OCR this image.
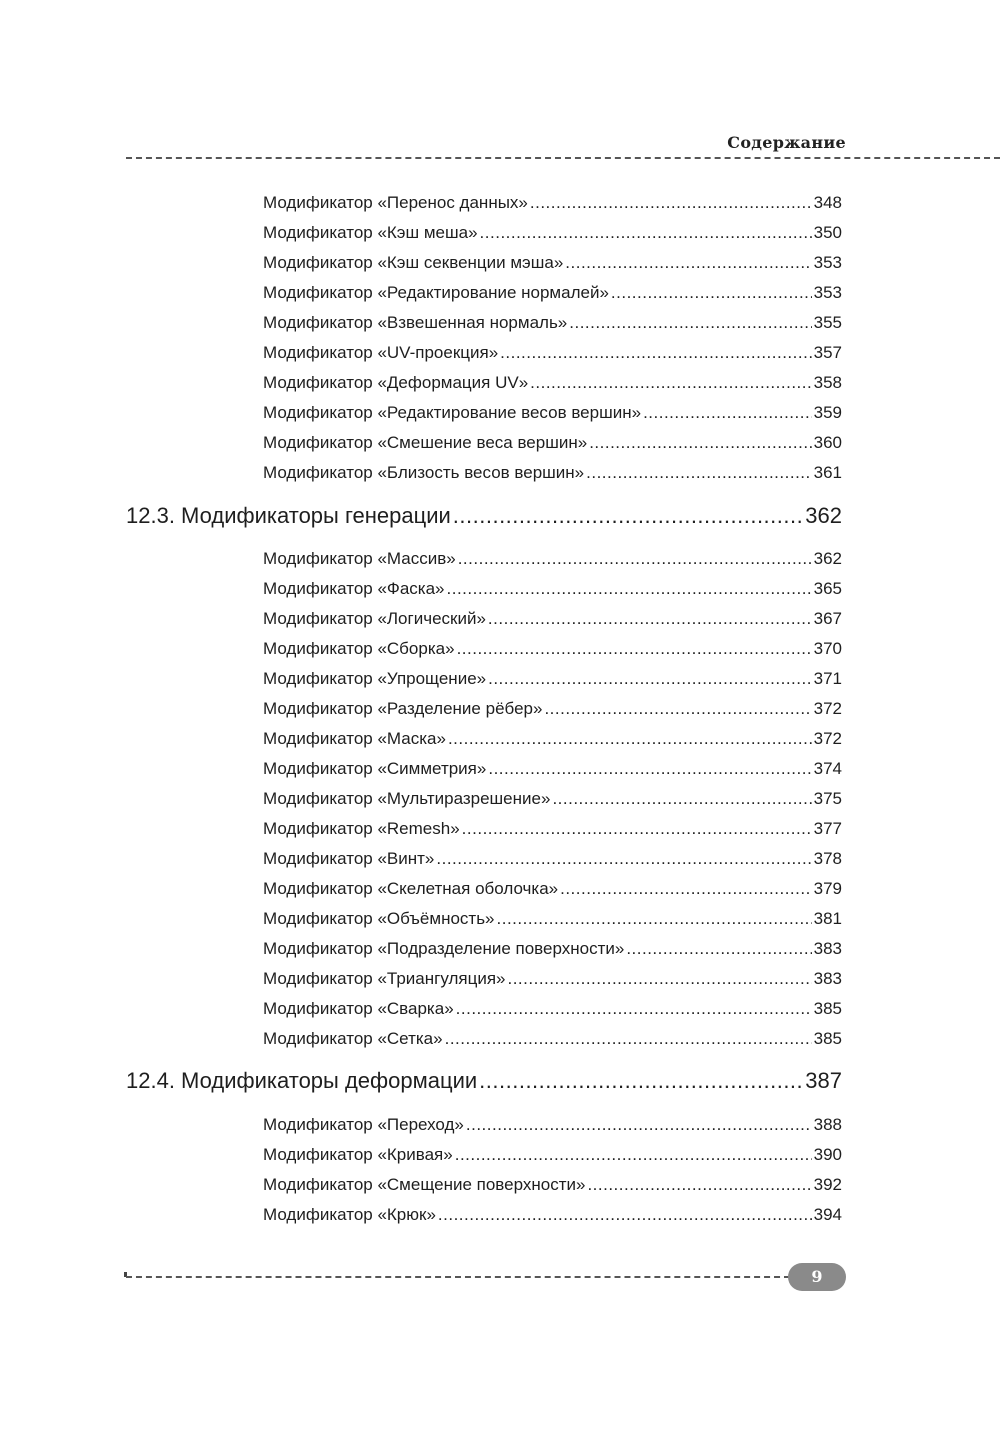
Содержание
Модификатор «Перенос данных» .....	348
Модификатор «Кэш меша» .....	350
Модификатор «Кэш секвенции мэша» .....	353
Модификатор «Редактирование нормалей» .....	353
Модификатор «Взвешенная нормаль» .....	355
Модификатор «UV-проекция» .....	357
Модификатор «Деформация UV» .....	358
Модификатор «Редактирование весов вершин» .....	359
Модификатор «Смешение веса вершин» .....	360
Модификатор «Близость весов вершин» .....	361
12.3. Модификаторы генерации .....	362
Модификатор «Массив» .....	362
Модификатор «Фаска» .....	365
Модификатор «Логический» .....	367
Модификатор «Сборка» .....	370
Модификатор «Упрощение» .....	371
Модификатор «Разделение рёбер» .....	372
Модификатор «Маска» .....	372
Модификатор «Симметрия» .....	374
Модификатор «Мультиразрешение» .....	375
Модификатор «Remesh» .....	377
Модификатор «Винт» .....	378
Модификатор «Скелетная оболочка» .....	379
Модификатор «Объёмность» .....	381
Модификатор «Подразделение поверхности» .....	383
Модификатор «Триангуляция» .....	383
Модификатор «Сварка» .....	385
Модификатор «Сетка» .....	385
12.4. Модификаторы деформации .....	387
Модификатор «Переход» .....	388
Модификатор «Кривая» .....	390
Модификатор «Смещение поверхности» .....	392
Модификатор «Крюк» .....	394
9
